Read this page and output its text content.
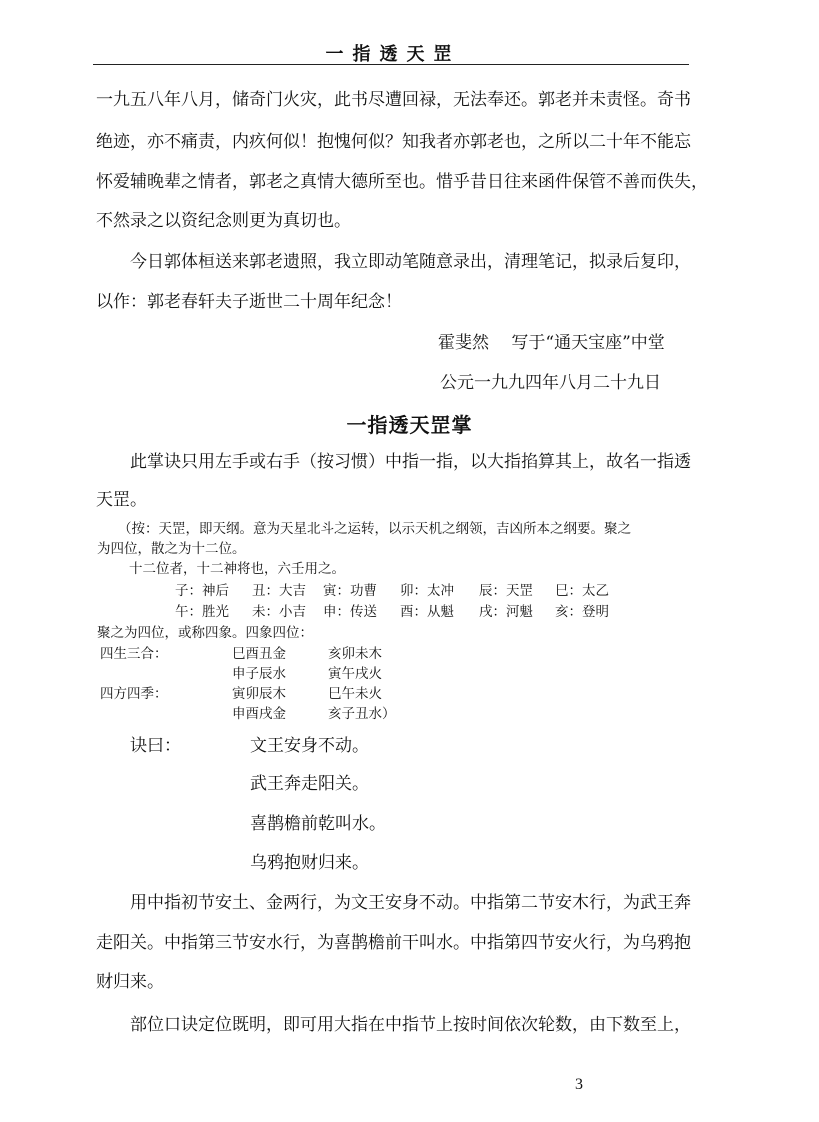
一指透天罡

一九五八年八月，储奇门火灾，此书尽遭回禄，无法奉还。郭老并未责怪。奇书

绝迹，亦不痛责，内疚何似！抱愧何似？知我者亦郭老也，之所以二十年不能忘

怀爱辅晚辈之情者，郭老之真情大德所至也。惜乎昔日往来函件保管不善而佚失，

不然录之以资纪念则更为真切也。

今日郭体桓送来郭老遗照，我立即动笔随意录出，清理笔记，拟录后复印，

以作：郭老春轩夫子逝世二十周年纪念！

霍斐然　 写于“通天宝座”中堂
公元一九九四年八月二十九日
一指透天罡掌

此掌诀只用左手或右手（按习惯）中指一指，以大指掐算其上，故名一指透

天罡。

（按：天罡，即天纲。意为天星北斗之运转，以示天机之纲领，吉凶所本之纲要。聚之
为四位，散之为十二位。
十二位者，十二神将也，六壬用之。
子：神后 丑：大吉 寅：功曹 卯：太冲 辰：天罡 巳：太乙
午：胜光 未：小吉 申：传送 酉：从魁 戌：河魁 亥：登明
聚之为四位，或称四象。四象四位：
四生三合：	巳酉丑金	亥卯未木
申子辰水	寅午戌火
四方四季：	寅卯辰木	巳午未火
申酉戌金	亥子丑水）
诀曰：	文王安身不动。
武王奔走阳关。
喜鹊檐前乾叫水。
乌鸦抱财归来。

用中指初节安土、金两行，为文王安身不动。中指第二节安木行，为武王奔

走阳关。中指第三节安水行，为喜鹊檐前干叫水。中指第四节安火行，为乌鸦抱

财归来。

部位口诀定位既明，即可用大指在中指节上按时间依次轮数，由下数至上，

3
